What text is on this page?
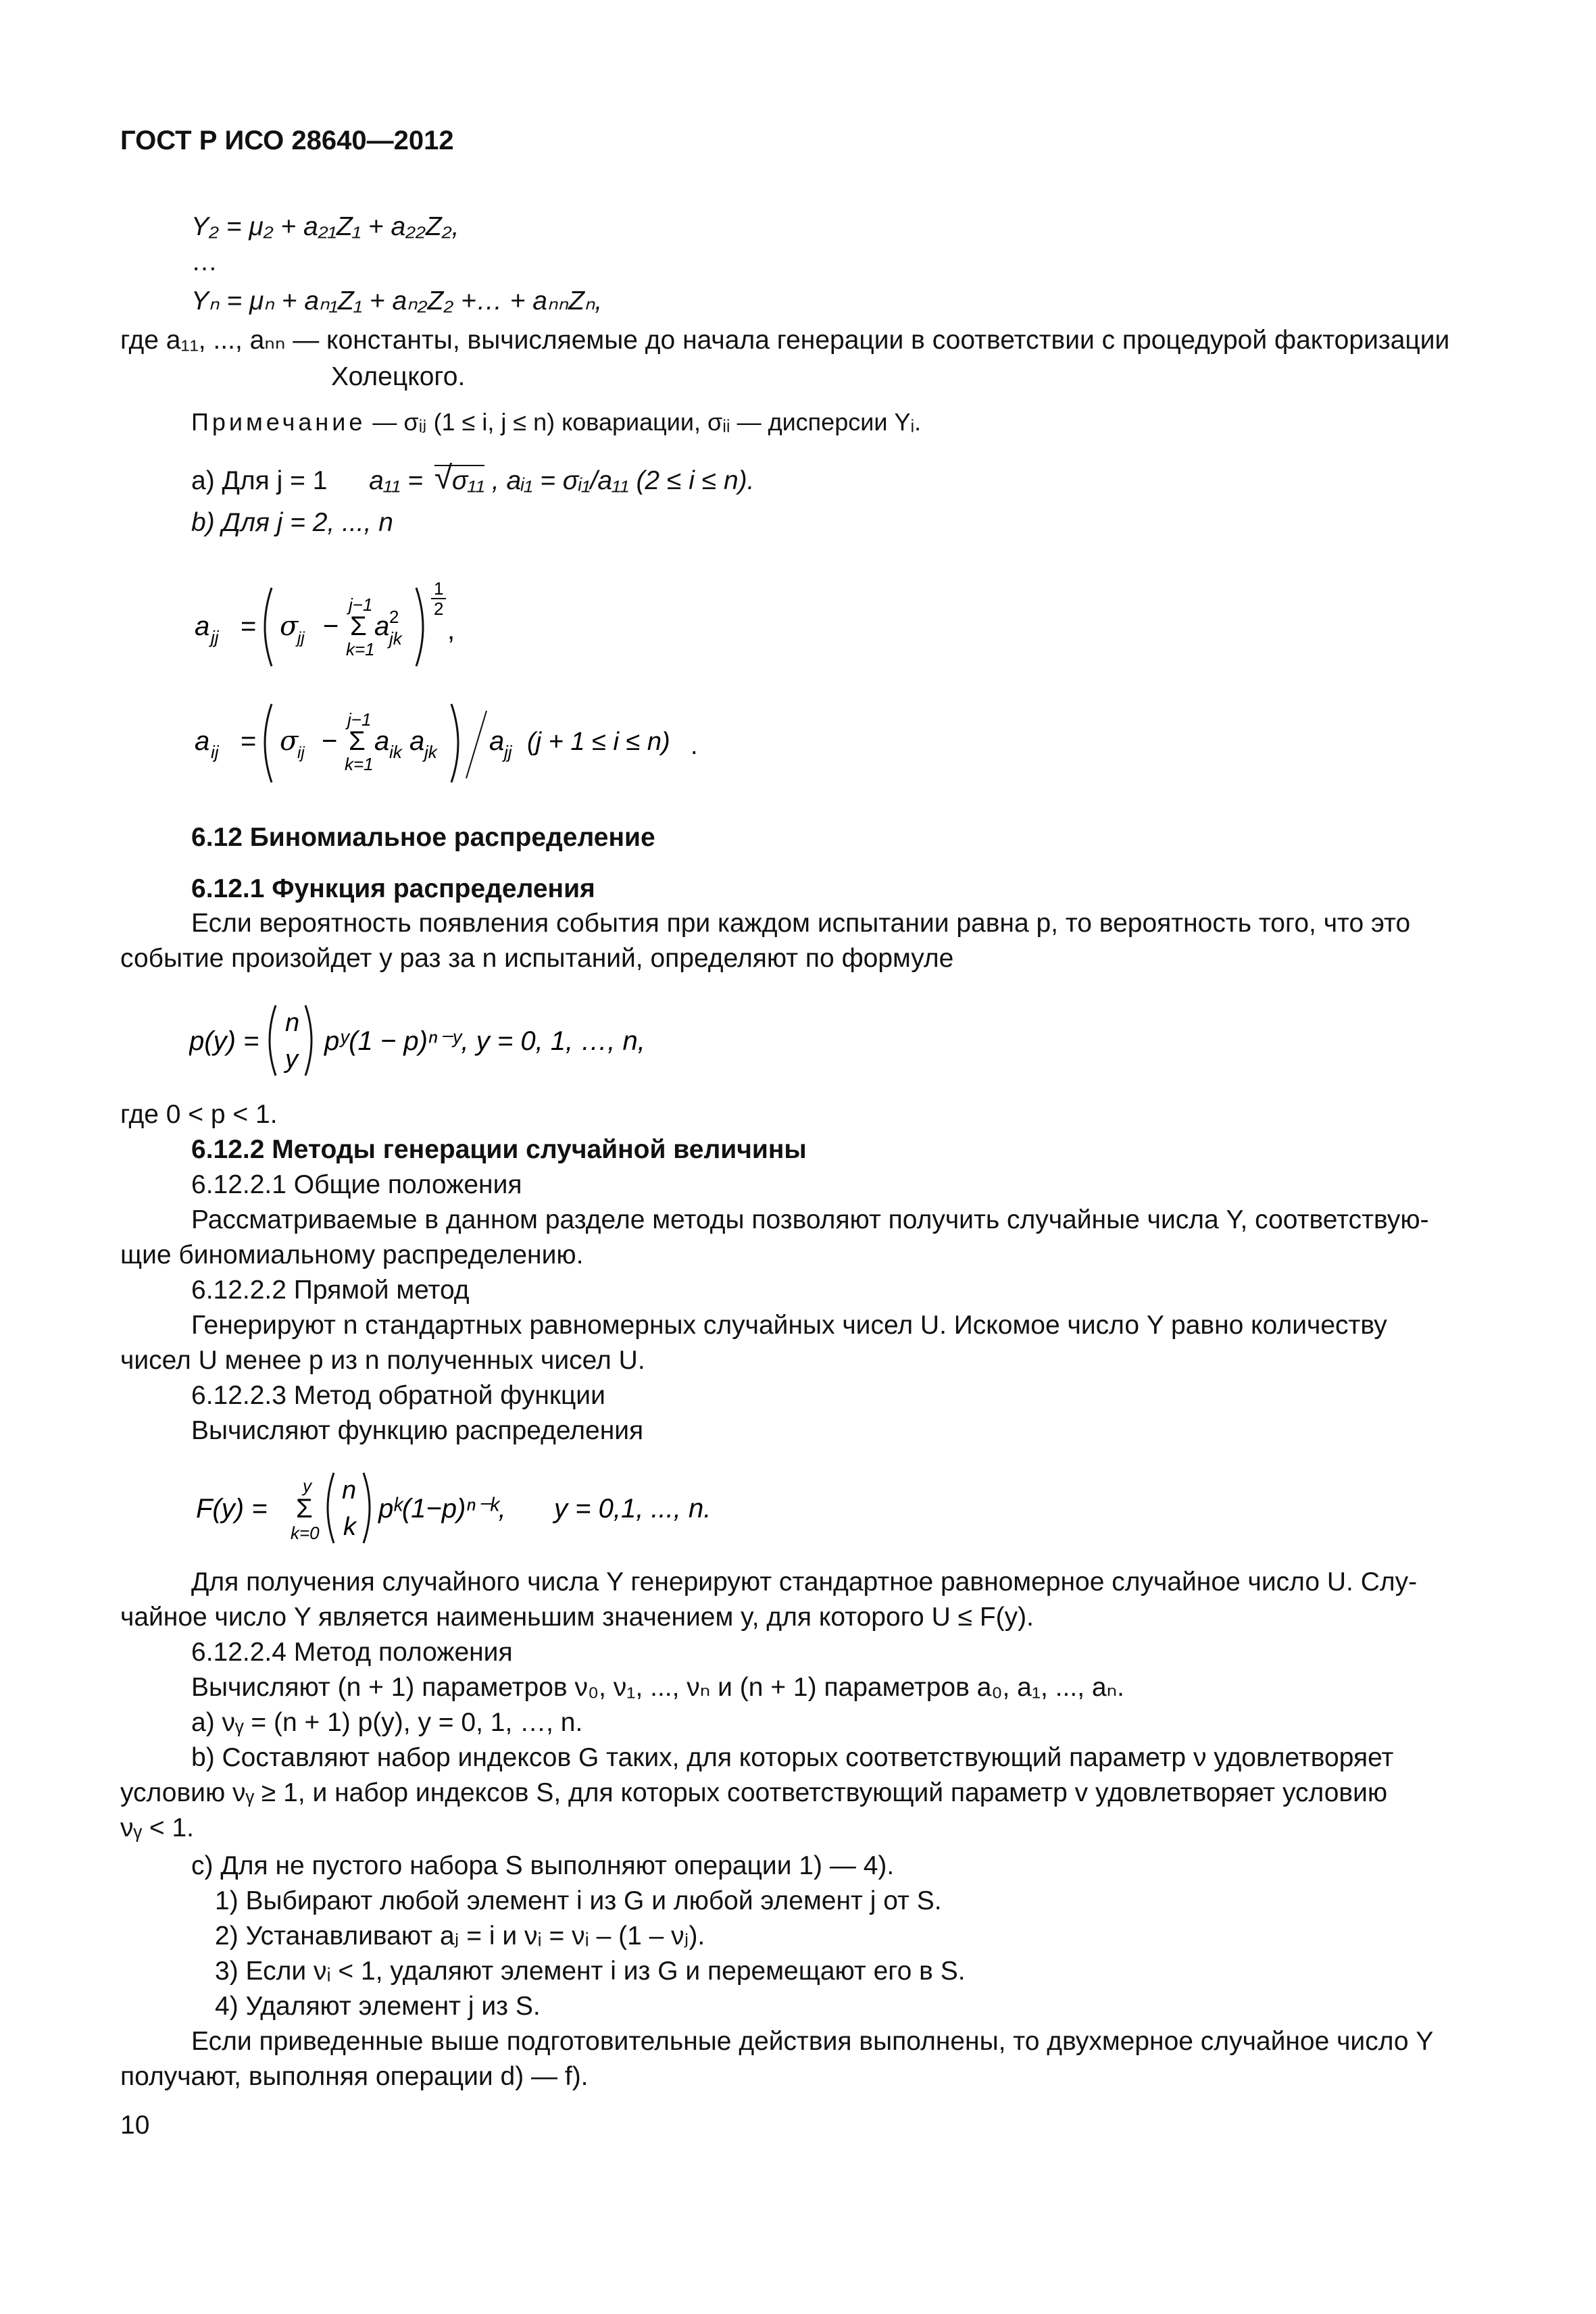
ГОСТ Р ИСО 28640—2012
Y₂ = μ₂ + a₂₁Z₁ + a₂₂Z₂,
…
Yₙ = μₙ + aₙ₁Z₁ + aₙ₂Z₂ +… + aₙₙZₙ,
где a₁₁, ..., aₙₙ — константы, вычисляемые до начала генерации в соответствии с процедурой факторизации
Холецкого.
Примечание — σᵢⱼ (1 ≤ i, j ≤ n) ковариации, σᵢᵢ — дисперсии Yᵢ.
a) Для j = 1 a₁₁ = √ σ₁₁ , aᵢ₁ = σᵢ₁/a₁₁ (2 ≤ i ≤ n).
b) Для j = 2, ..., n
a jj = σ
jj −
j−1
Σ
k=1
a 2
jk
1
2
,
a ij = σ
ij −
j−1
Σ
k=1
a ik a jk a jj (j + 1 ≤ i ≤ n) .
6.12 Биномиальное распределение
6.12.1 Функция распределения
Если вероятность появления события при каждом испытании равна p, то вероятность того, что это
событие произойдет y раз за n испытаний, определяют по формуле
p(y) =
n
y
pʸ(1 − p)ⁿ⁻ʸ, y = 0, 1, …, n,
где 0 < p < 1.
6.12.2 Методы генерации случайной величины
6.12.2.1 Общие положения
Рассматриваемые в данном разделе методы позволяют получить случайные числа Y, соответствую-
щие биномиальному распределению.
6.12.2.2 Прямой метод
Генерируют n стандартных равномерных случайных чисел U. Искомое число Y равно количеству
чисел U менее p из n полученных чисел U.
6.12.2.3 Метод обратной функции
Вычисляют функцию распределения
F(y) =
y
Σ
k=0
n
k
pᵏ(1−p)ⁿ⁻ᵏ, y = 0,1, ..., n.
Для получения случайного числа Y генерируют стандартное равномерное случайное число U. Слу-
чайное число Y является наименьшим значением y, для которого U ≤ F(y).
6.12.2.4 Метод положения
Вычисляют (n + 1) параметров ν₀, ν₁, ..., νₙ и (n + 1) параметров a₀, a₁, ..., aₙ.
a) νᵧ = (n + 1) p(y), y = 0, 1, …, n.
b) Составляют набор индексов G таких, для которых соответствующий параметр ν удовлетворяет
условию νᵧ ≥ 1, и набор индексов S, для которых соответствующий параметр v удовлетворяет условию
νᵧ < 1.
c) Для не пустого набора S выполняют операции 1) — 4).
1) Выбирают любой элемент i из G и любой элемент j от S.
2) Устанавливают aⱼ = i и νᵢ = νᵢ – (1 – νⱼ).
3) Если νᵢ < 1, удаляют элемент i из G и перемещают его в S.
4) Удаляют элемент j из S.
Если приведенные выше подготовительные действия выполнены, то двухмерное случайное число Y
получают, выполняя операции d) — f).
10
